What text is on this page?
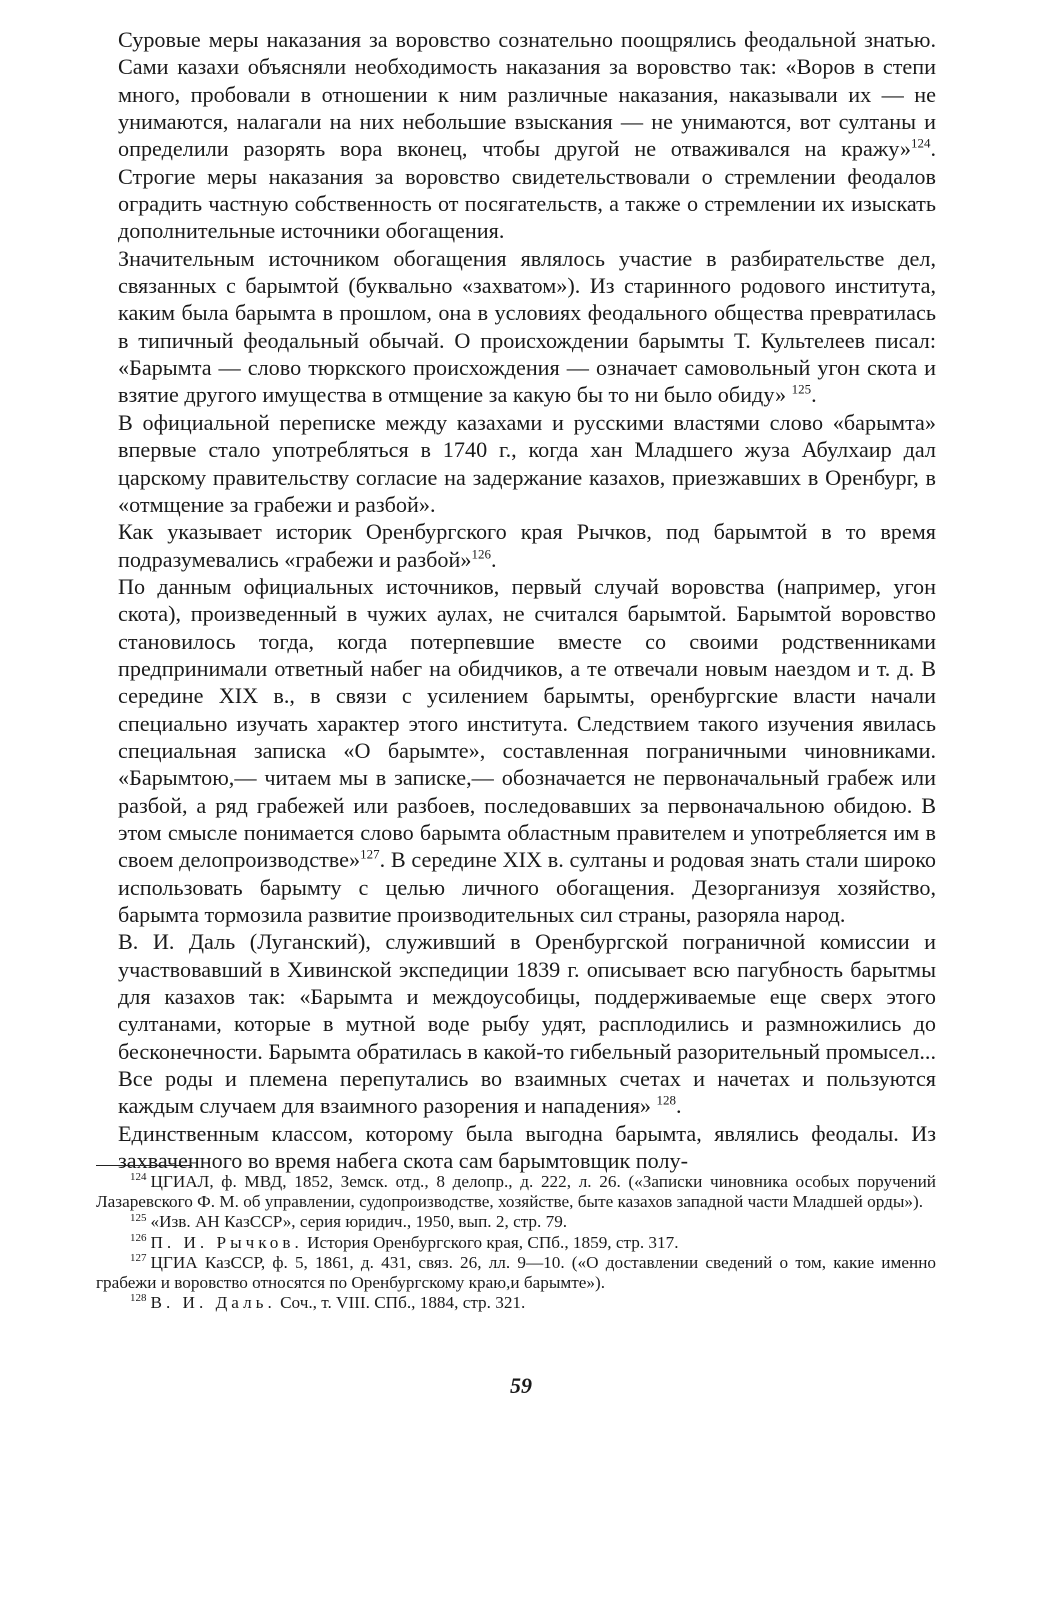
Суровые меры наказания за воровство сознательно поощрялись феодальной знатью. Сами казахи объясняли необходимость наказания за воровство так: «Воров в степи много, пробовали в отношении к ним различные наказания, наказывали их — не унимаются, налагали на них небольшие взыскания — не унимаются, вот султаны и определили разорять вора вконец, чтобы другой не отваживался на кражу»$^{124}$. Строгие меры наказания за воровство свидетельствовали о стремлении феодалов оградить частную собственность от посягательств, а также о стремлении их изыскать дополнительные источники обогащения.

Значительным источником обогащения являлось участие в разбирательстве дел, связанных с барымтой (буквально «захватом»). Из старинного родового института, каким была барымта в прошлом, она в условиях феодального общества превратилась в типичный феодальный обычай. О происхождении барымты Т. Культелеев писал: «Барымта — слово тюркского происхождения — означает самовольный угон скота и взятие другого имущества в отмщение за какую бы то ни было обиду» $^{125}$.

В официальной переписке между казахами и русскими властями слово «барымта» впервые стало употребляться в 1740 г., когда хан Младшего жуза Абулхаир дал царскому правительству согласие на задержание казахов, приезжавших в Оренбург, в «отмщение за грабежи и разбой».

Как указывает историк Оренбургского края Рычков, под барымтой в то время подразумевались «грабежи и разбой»$^{126}$.

По данным официальных источников, первый случай воровства (например, угон скота), произведенный в чужих аулах, не считался барымтой. Барымтой воровство становилось тогда, когда потерпевшие вместе со своими родственниками предпринимали ответный набег на обидчиков, а те отвечали новым наездом и т. д. В середине XIX в., в связи с усилением барымты, оренбургские власти начали специально изучать характер этого института. Следствием такого изучения явилась специальная записка «О барымте», составленная пограничными чиновниками. «Барымтою,— читаем мы в записке,— обозначается не первоначальный грабеж или разбой, а ряд грабежей или разбоев, последовавших за первоначальною обидою. В этом смысле понимается слово барымта областным правителем и употребляется им в своем делопроизводстве»$^{127}$. В середине XIX в. султаны и родовая знать стали широко использовать барымту с целью личного обогащения. Дезорганизуя хозяйство, барымта тормозила развитие производительных сил страны, разоряла народ.

В. И. Даль (Луганский), служивший в Оренбургской пограничной комиссии и участвовавший в Хивинской экспедиции 1839 г. описывает всю пагубность барытмы для казахов так: «Барымта и междоусобицы, поддерживаемые еще сверх этого султанами, которые в мутной воде рыбу удят, расплодились и размножились до бесконечности. Барымта обратилась в какой-то гибельный разорительный промысел... Все роды и племена перепутались во взаимных счетах и начетах и пользуются каждым случаем для взаимного разорения и нападения» $^{128}$.

Единственным классом, которому была выгодна барымта, являлись феодалы. Из захваченного во время набега скота сам барымтовщик полу-

$^{124}$ ЦГИАЛ, ф. МВД, 1852, Земск. отд., 8 делопр., д. 222, л. 26. («Записки чиновника особых поручений Лазаревского Ф. М. об управлении, судопроизводстве, хозяйстве, быте казахов западной части Младшей орды»).

$^{125}$ «Изв. АН КазССР», серия юридич., 1950, вып. 2, стр. 79.

$^{126}$ П. И. Рычков. История Оренбургского края, СПб., 1859, стр. 317.

$^{127}$ ЦГИА КазССР, ф. 5, 1861, д. 431, связ. 26, лл. 9—10. («О доставлении сведений о том, какие именно грабежи и воровство относятся по Оренбургскому краю,и барымте»).

$^{128}$ В. И. Даль. Соч., т. VIII. СПб., 1884, стр. 321.

59
